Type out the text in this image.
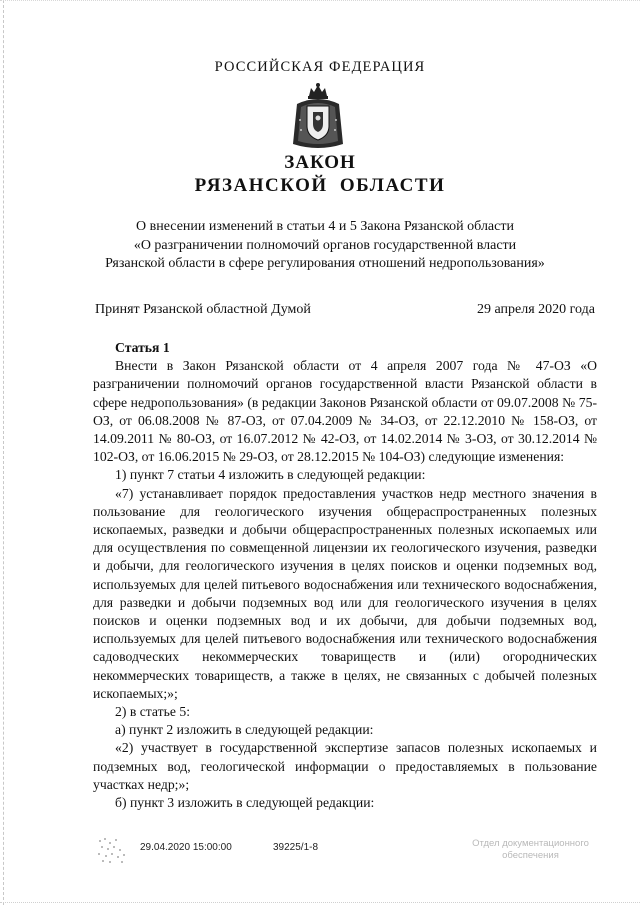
РОССИЙСКАЯ ФЕДЕРАЦИЯ
ЗАКОН
РЯЗАНСКОЙ ОБЛАСТИ
О внесении изменений в статьи 4 и 5 Закона Рязанской области
«О разграничении полномочий органов государственной власти
Рязанской области в сфере регулирования отношений недропользования»
Принят Рязанской областной Думой	29 апреля 2020 года

Статья 1

Внести в Закон Рязанской области от 4 апреля 2007 года № 47-ОЗ «О разграничении полномочий органов государственной власти Рязанской области в сфере недропользования» (в редакции Законов Рязанской области от 09.07.2008 № 75-ОЗ, от 06.08.2008 № 87-ОЗ, от 07.04.2009 № 34-ОЗ, от 22.12.2010 № 158-ОЗ, от 14.09.2011 № 80-ОЗ, от 16.07.2012 № 42-ОЗ, от 14.02.2014 № 3-ОЗ, от 30.12.2014 № 102-ОЗ, от 16.06.2015 № 29-ОЗ, от 28.12.2015 № 104-ОЗ) следующие изменения:

1) пункт 7 статьи 4 изложить в следующей редакции:

«7) устанавливает порядок предоставления участков недр местного значения в пользование для геологического изучения общераспространенных полезных ископаемых, разведки и добычи общераспространенных полезных ископаемых или для осуществления по совмещенной лицензии их геологического изучения, разведки и добычи, для геологического изучения в целях поисков и оценки подземных вод, используемых для целей питьевого водоснабжения или технического водоснабжения, для разведки и добычи подземных вод или для геологического изучения в целях поисков и оценки подземных вод и их добычи, для добычи подземных вод, используемых для целей питьевого водоснабжения или технического водоснабжения садоводческих некоммерческих товариществ и (или) огороднических некоммерческих товариществ, а также в целях, не связанных с добычей полезных ископаемых;»;

2) в статье 5:

а) пункт 2 изложить в следующей редакции:

«2) участвует в государственной экспертизе запасов полезных ископаемых и подземных вод, геологической информации о предоставляемых в пользование участках недр;»;

б) пункт 3 изложить в следующей редакции:

29.04.2020 15:00:00	39225/1-8	Отдел документационного
обеспечения
